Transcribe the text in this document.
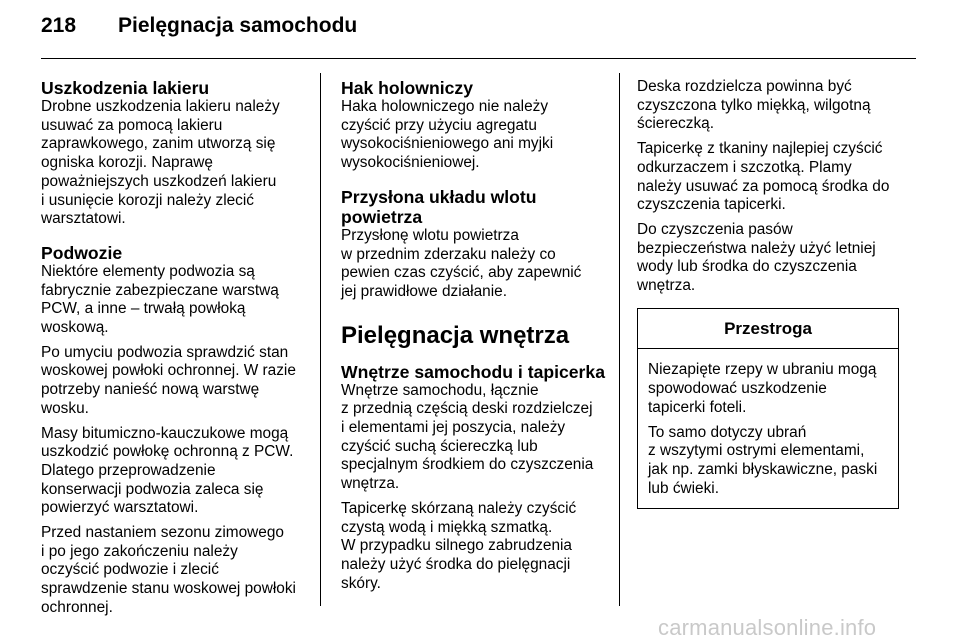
218 Pielęgnacja samochodu
Uszkodzenia lakieru

Drobne uszkodzenia lakieru należy
usuwać za pomocą lakieru
zaprawkowego, zanim utworzą się
ogniska korozji. Naprawę
poważniejszych uszkodzeń lakieru
i usunięcie korozji należy zlecić
warsztatowi.

Podwozie

Niektóre elementy podwozia są
fabrycznie zabezpieczane warstwą
PCW, a inne – trwałą powłoką
woskową.

Po umyciu podwozia sprawdzić stan
woskowej powłoki ochronnej. W razie
potrzeby nanieść nową warstwę
wosku.

Masy bitumiczno-kauczukowe mogą
uszkodzić powłokę ochronną z PCW.
Dlatego przeprowadzenie
konserwacji podwozia zaleca się
powierzyć warsztatowi.

Przed nastaniem sezonu zimowego
i po jego zakończeniu należy
oczyścić podwozie i zlecić
sprawdzenie stanu woskowej powłoki
ochronnej.

Hak holowniczy

Haka holowniczego nie należy
czyścić przy użyciu agregatu
wysokociśnieniowego ani myjki
wysokociśnieniowej.

Przysłona układu wlotu
powietrza

Przysłonę wlotu powietrza
w przednim zderzaku należy co
pewien czas czyścić, aby zapewnić
jej prawidłowe działanie.

Pielęgnacja wnętrza
Wnętrze samochodu i tapicerka

Wnętrze samochodu, łącznie
z przednią częścią deski rozdzielczej
i elementami jej poszycia, należy
czyścić suchą ściereczką lub
specjalnym środkiem do czyszczenia
wnętrza.

Tapicerkę skórzaną należy czyścić
czystą wodą i miękką szmatką.
W przypadku silnego zabrudzenia
należy użyć środka do pielęgnacji
skóry.

Deska rozdzielcza powinna być
czyszczona tylko miękką, wilgotną
ściereczką.

Tapicerkę z tkaniny najlepiej czyścić
odkurzaczem i szczotką. Plamy
należy usuwać za pomocą środka do
czyszczenia tapicerki.

Do czyszczenia pasów
bezpieczeństwa należy użyć letniej
wody lub środka do czyszczenia
wnętrza.

Przestroga

Niezapięte rzepy w ubraniu mogą
spowodować uszkodzenie
tapicerki foteli.

To samo dotyczy ubrań
z wszytymi ostrymi elementami,
jak np. zamki błyskawiczne, paski
lub ćwieki.

carmanualsonline.info
